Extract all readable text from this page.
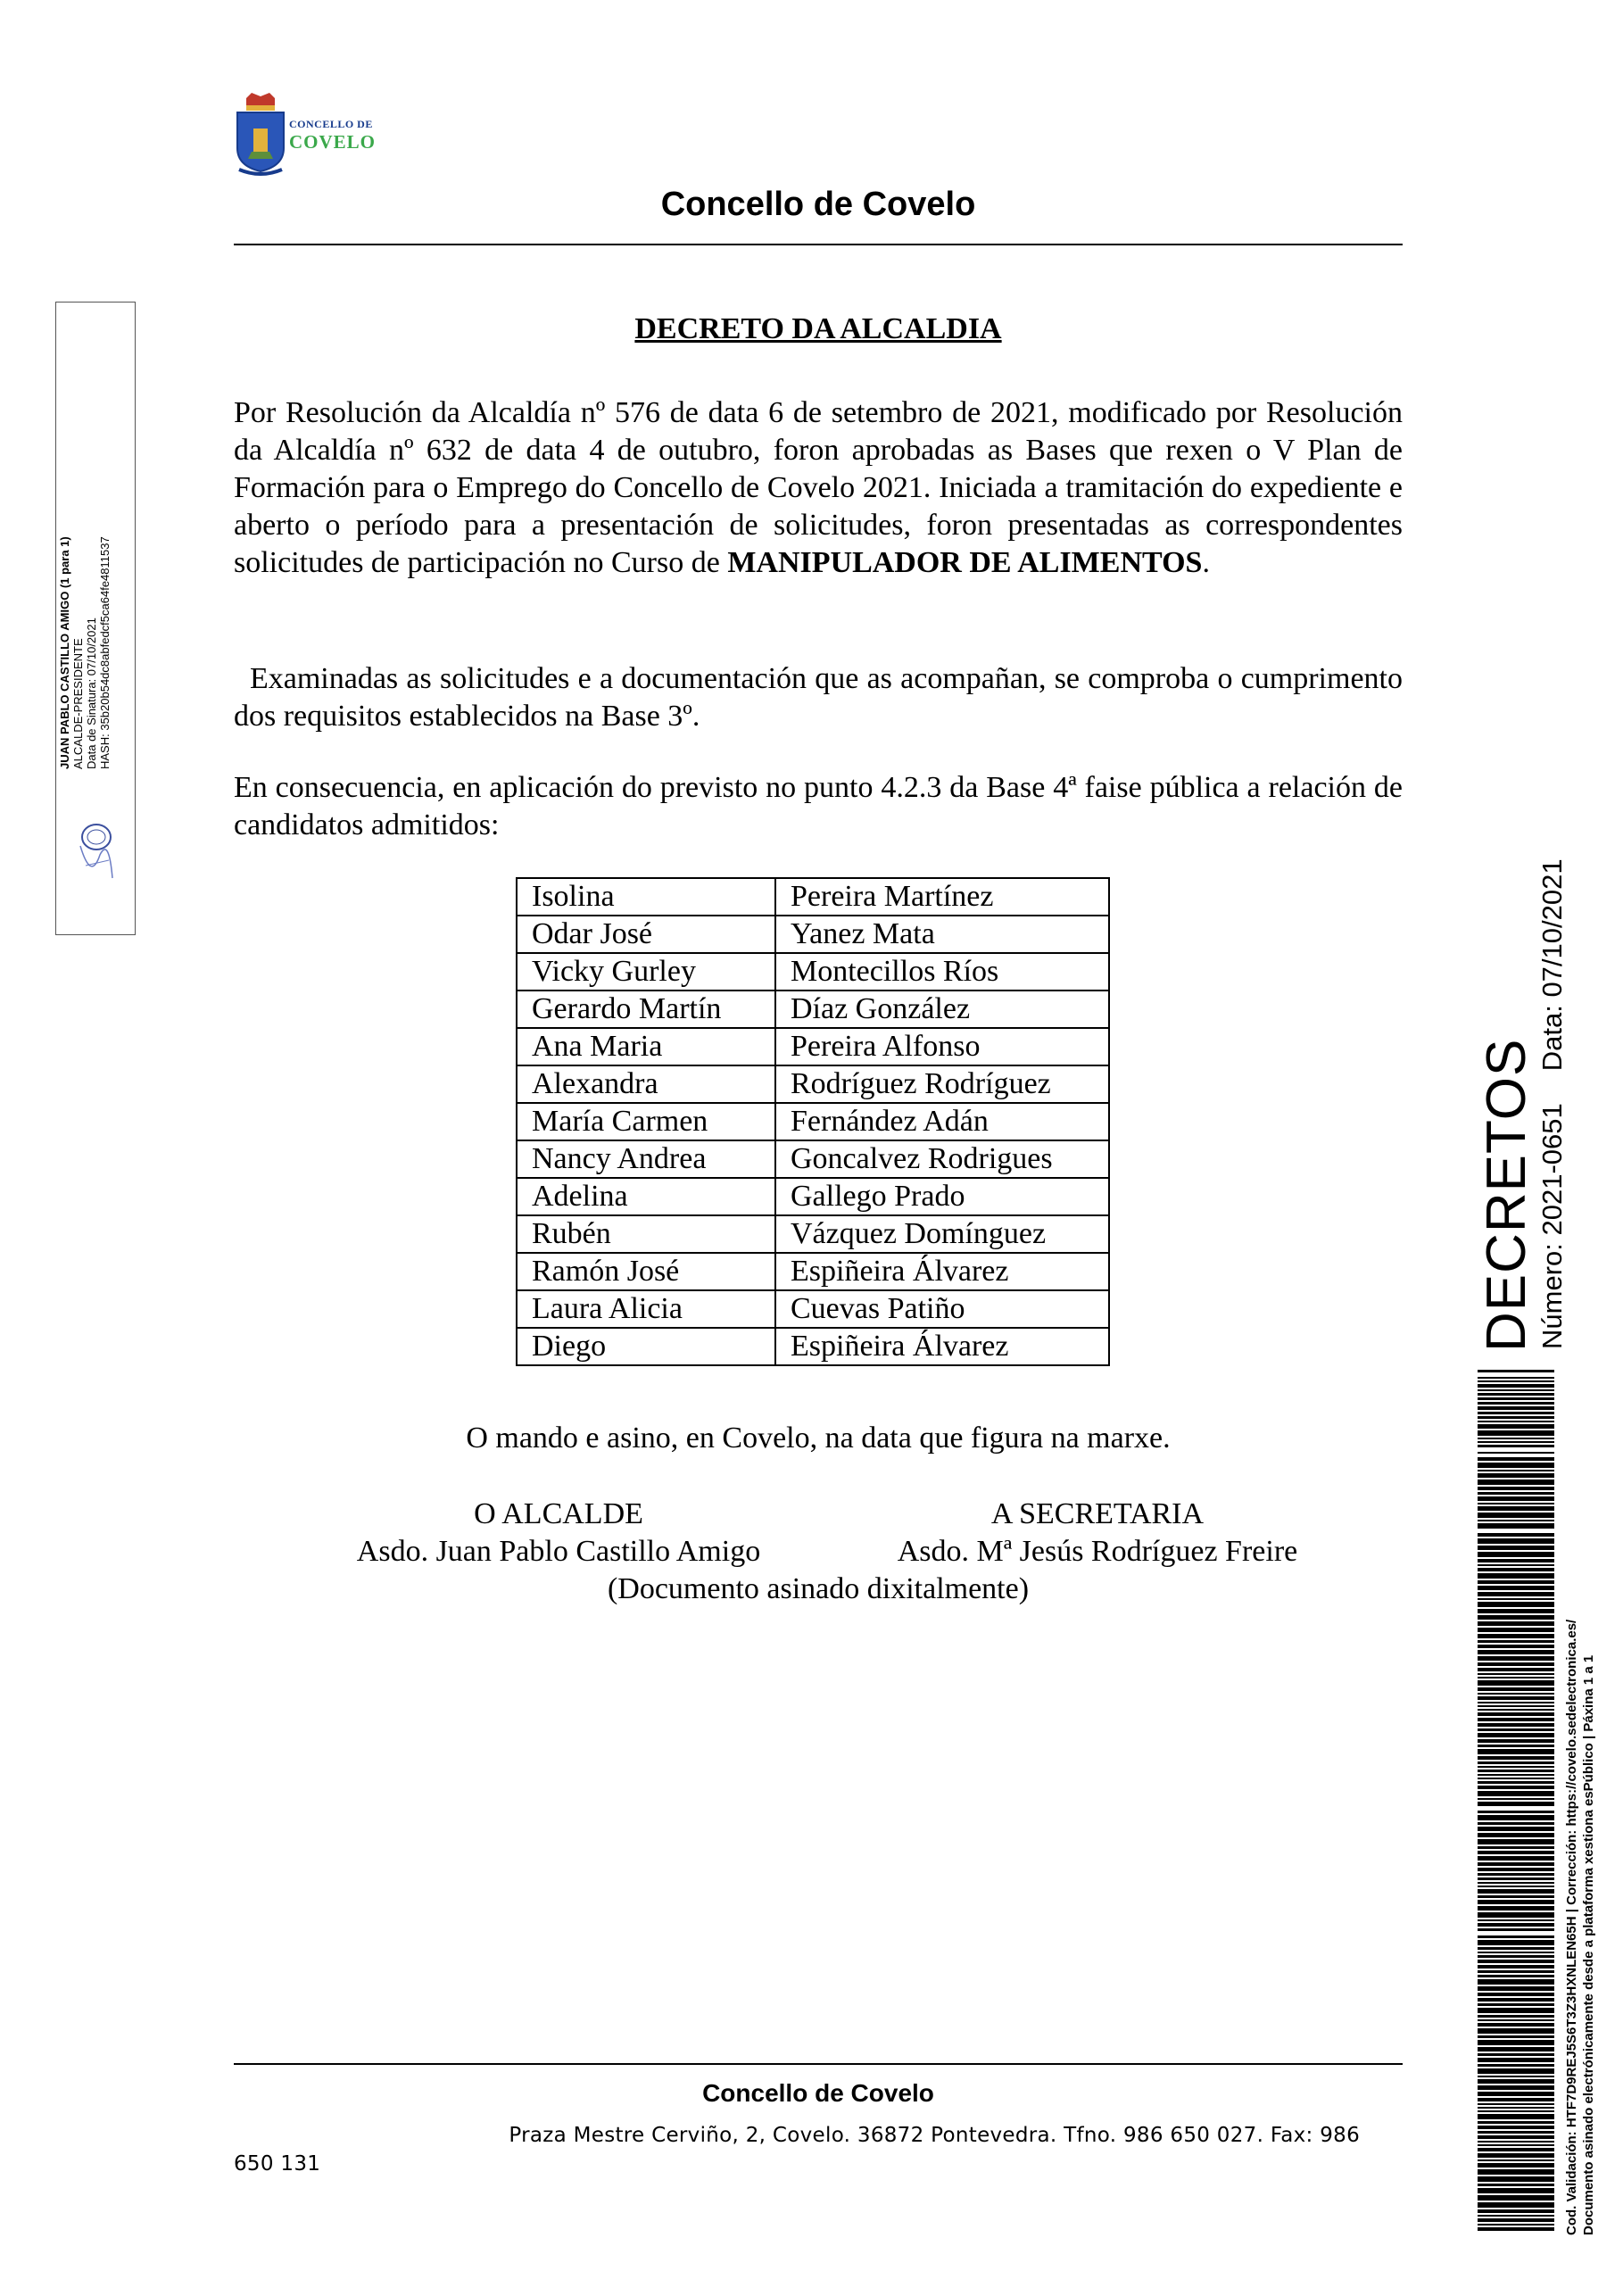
CONCELLO DE
COVELO
Concello de Covelo
JUAN PABLO CASTILLO AMIGO (1 para 1) ALCALDE-PRESIDENTE Data de Sinatura: 07/10/2021 HASH: 35b20b54dc8abfedcf5ca64fe4811537
DECRETO DA ALCALDIA
Por Resolución da Alcaldía nº 576 de data 6 de setembro de 2021, modificado por Resolución da Alcaldía nº 632 de data 4 de outubro, foron aprobadas as Bases que rexen o V Plan de Formación para o Emprego do Concello de Covelo 2021. Iniciada a tramitación do expediente e aberto o período para a presentación de solicitudes, foron presentadas as correspondentes solicitudes de participación no Curso de MANIPULADOR DE ALIMENTOS.
Examinadas as solicitudes e a documentación que as acompañan, se comproba o cumprimento dos requisitos establecidos na Base 3º.
En consecuencia, en aplicación do previsto no punto 4.2.3 da Base 4ª faise pública a relación de candidatos admitidos:
Isolina	Pereira Martínez
Odar José	Yanez Mata
Vicky Gurley	Montecillos Ríos
Gerardo Martín	Díaz González
Ana Maria	Pereira Alfonso
Alexandra	Rodríguez Rodríguez
María Carmen	Fernández Adán
Nancy Andrea	Goncalvez Rodrigues
Adelina	Gallego Prado
Rubén	Vázquez Domínguez
Ramón José	Espiñeira Álvarez
Laura Alicia	Cuevas Patiño
Diego	Espiñeira Álvarez
O mando e asino, en Covelo, na data que figura na marxe.
O ALCALDE
Asdo. Juan Pablo Castillo Amigo
A SECRETARIA
Asdo. Mª Jesús Rodríguez Freire
(Documento asinado dixitalmente)
Concello de Covelo
Praza Mestre Cerviño, 2, Covelo. 36872 Pontevedra. Tfno. 986 650 027. Fax: 986
650 131
DECRETOS Número: 2021-0651Data: 07/10/2021
Cod. Validación: HTF7D9REJ5S6T3Z3HXNLEN65H | Corrección: https://covelo.sedelectronica.es/ Documento asinado electrónicamente desde a plataforma xestiona esPúblico | Páxina 1 a 1
